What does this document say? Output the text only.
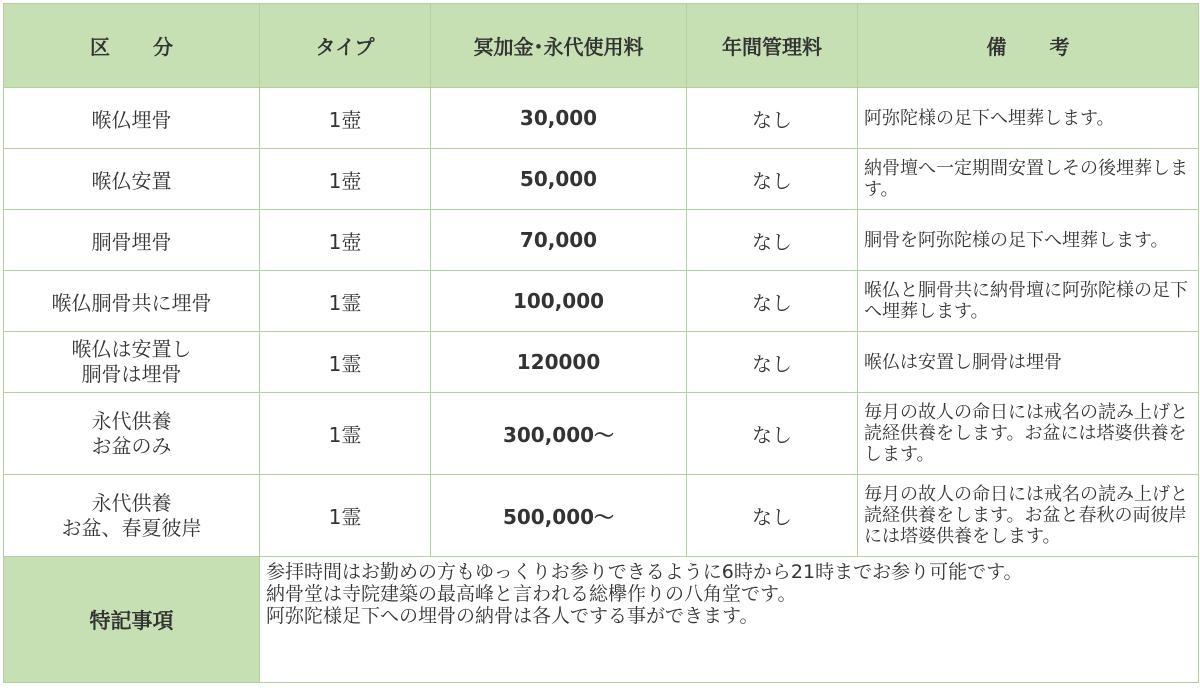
区 分	タイプ	冥加金･永代使用料	年間管理料	備 考
喉仏埋骨	1壺	30,000	なし	阿弥陀様の足下へ埋葬します。

喉仏安置	1壺	50,000	なし	納骨壇へ一定期間安置しその後埋葬します。

胴骨埋骨	1壺	70,000	なし	胴骨を阿弥陀様の足下へ埋葬します。

喉仏胴骨共に埋骨	1霊	100,000	なし	喉仏と胴骨共に納骨壇に阿弥陀様の足下へ埋葬します。

喉仏は安置し
胴骨は埋骨	1霊	120000	なし	喉仏は安置し胴骨は埋骨

永代供養
お盆のみ	1霊	300,000～	なし	毎月の故人の命日には戒名の読み上げと読経供養をします。お盆には塔婆供養をします。

永代供養
お盆、春夏彼岸	1霊	500,000～	なし	毎月の故人の命日には戒名の読み上げと読経供養をします。お盆と春秋の両彼岸には塔婆供養をします。

特記事項	参拝時間はお勤めの方もゆっくりお参りできるように6時から21時までお参り可能です。
納骨堂は寺院建築の最高峰と言われる総欅作りの八角堂です。
阿弥陀様足下への埋骨の納骨は各人でする事ができます。			
